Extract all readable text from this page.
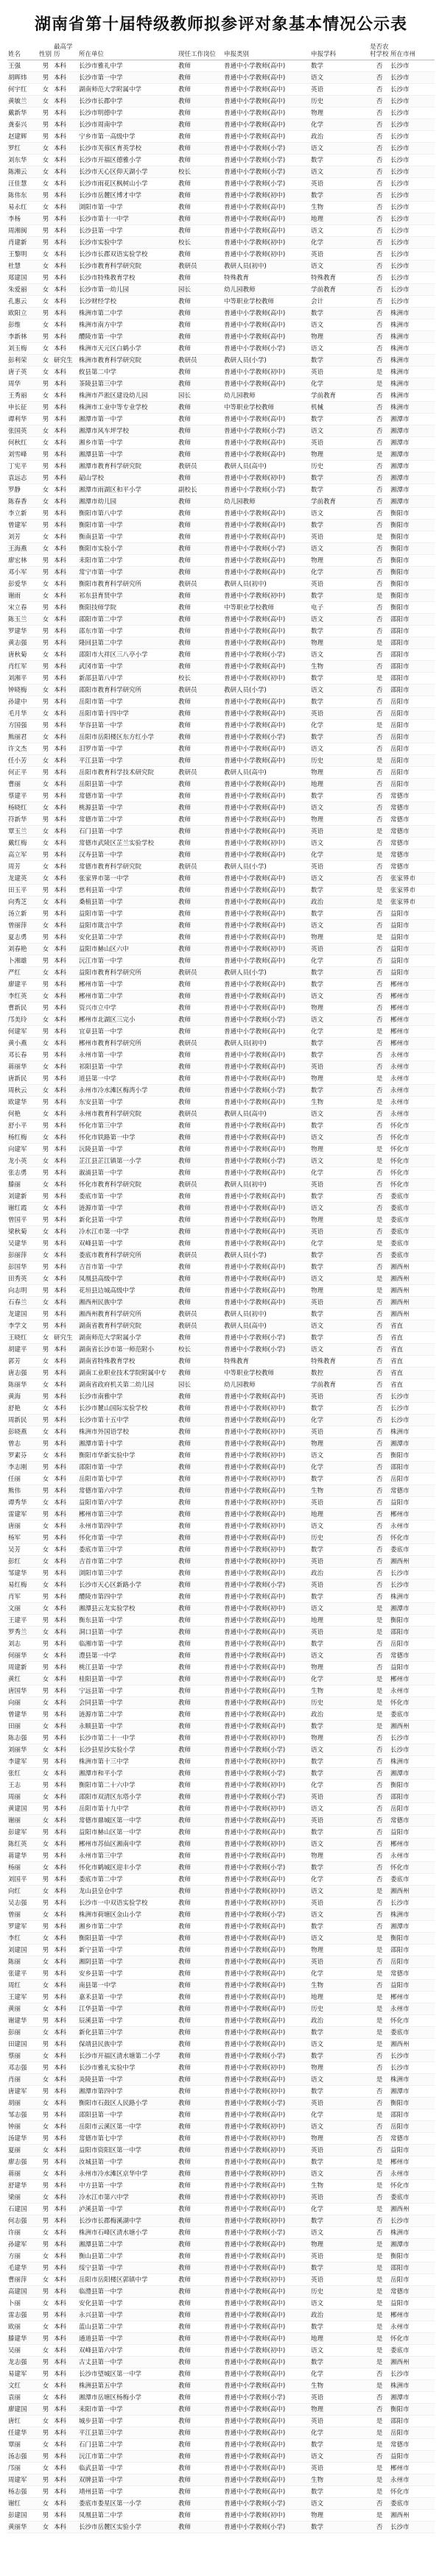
湖南省第十届特级教师拟参评对象基本情况公示表
姓名	性别	最高学历	所在单位	现任工作岗位	申报类别	申报学科	是否农村学校	所在市州
王强	男	本科	长沙市雅礼中学	教师	普通中小学教师(高中)	数学	否	长沙市
胡晖炜	男	本科	长沙市第一中学	教师	普通中小学教师(高中)	语文	否	长沙市
何宇红	女	本科	湖南师范大学附属中学	教师	普通中小学教师(高中)	英语	否	长沙市
黄敏兰	女	本科	长沙市长郡中学	教师	普通中小学教师(高中)	历史	否	长沙市
戴新华	男	本科	长沙市明德中学	教师	普通中小学教师(高中)	物理	否	长沙市
龚泰兴	男	本科	长沙市周南中学	教师	普通中小学教师(高中)	化学	否	长沙市
赵建辉	男	本科	宁乡市第一高级中学	教师	普通中小学教师(高中)	政治	否	长沙市
罗红	女	本科	长沙市芙蓉区育英学校	教师	普通中小学教师(小学)	语文	否	长沙市
刘东华	女	本科	长沙市开福区德雅小学	教师	普通中小学教师(小学)	数学	否	长沙市
陈湘云	女	本科	长沙市天心区仰天湖小学	校长	普通中小学教师(小学)	语文	否	长沙市
汪佳慧	女	本科	长沙市雨花区枫树山小学	教师	普通中小学教师(小学)	英语	否	长沙市
陈伟东	男	本科	长沙市岳麓区博才中学	教师	普通中小学教师(初中)	数学	否	长沙市
易永红	女	本科	浏阳市第一中学	教师	普通中小学教师(高中)	生物	否	长沙市
李杨	男	本科	长沙市第十一中学	教师	普通中小学教师(高中)	地理	否	长沙市
周湘闽	男	本科	长沙县第一中学	教师	普通中小学教师(高中)	语文	否	长沙市
肖建新	男	本科	长沙市实验中学	校长	普通中小学教师(初中)	化学	否	长沙市
王黎明	女	本科	长沙市长郡双语实验学校	教师	普通中小学教师(初中)	英语	否	长沙市
杜慧	女	本科	长沙市教育科学研究院	教研员	教研人员(初中)	语文	否	长沙市
郑建国	男	本科	长沙市特殊教育学校	教师	特殊教育	特殊教育	否	长沙市
朱爱丽	女	本科	长沙市第一幼儿园	园长	幼儿园教师	学前教育	否	长沙市
孔惠云	女	本科	长沙财经学校	教师	中等职业学校教师	会计	否	长沙市
欧阳立	男	本科	株洲市第二中学	教师	普通中小学教师(高中)	数学	否	株洲市
彭维	女	本科	株洲市南方中学	教师	普通中小学教师(高中)	语文	否	株洲市
李新林	男	本科	醴陵市第一中学	教师	普通中小学教师(高中)	物理	否	株洲市
刘玉梅	女	本科	株洲市天元区白鹤小学	教师	普通中小学教师(小学)	语文	否	株洲市
彭利荣	女	研究生	株洲市教育科学研究院	教研员	教研人员(小学)	数学	否	株洲市
唐子英	女	本科	攸县第二中学	教师	普通中小学教师(初中)	英语	是	株洲市
周华	男	本科	茶陵县第三中学	教师	普通中小学教师(高中)	化学	是	株洲市
王秀丽	女	本科	株洲市芦淞区建设幼儿园	园长	幼儿园教师	学前教育	否	株洲市
申长征	男	本科	株洲市工业中等专业学校	教师	中等职业学校教师	机械	否	株洲市
谭利华	男	本科	湘潭市第一中学	教师	普通中小学教师(高中)	数学	否	湘潭市
张国英	女	本科	湘潭市风车坪学校	教师	普通中小学教师(小学)	语文	否	湘潭市
何秋红	女	本科	湘乡市第一中学	教师	普通中小学教师(高中)	英语	否	湘潭市
刘雪峰	男	本科	湘潭县第一中学	教师	普通中小学教师(高中)	物理	是	湘潭市
丁宪平	男	本科	湘潭市教育科学研究院	教研员	教研人员(高中)	历史	否	湘潭市
袁远志	男	本科	韶山学校	教师	普通中小学教师(初中)	数学	否	湘潭市
罗静	女	本科	湘潭市雨湖区和平小学	副校长	普通中小学教师(小学)	数学	否	湘潭市
陈春香	女	本科	湘潭市幼儿园	教师	幼儿园教师	学前教育	否	湘潭市
李立新	男	本科	衡阳市第八中学	教师	普通中小学教师(高中)	语文	否	衡阳市
曾建军	男	本科	衡阳市第一中学	教师	普通中小学教师(高中)	数学	否	衡阳市
刘芳	女	本科	衡南县第一中学	教师	普通中小学教师(高中)	英语	是	衡阳市
王海燕	女	本科	衡阳市实验小学	教师	普通中小学教师(小学)	语文	否	衡阳市
廖宏林	男	本科	耒阳市第二中学	教师	普通中小学教师(高中)	物理	否	衡阳市
邓小军	男	本科	常宁市第一中学	教师	普通中小学教师(高中)	化学	否	衡阳市
彭爱华	女	本科	衡阳市教育科学研究所	教研员	教研人员(初中)	英语	否	衡阳市
谢雨	女	本科	祁东县育贤中学	教师	普通中小学教师(初中)	数学	是	衡阳市
宋立春	男	本科	衡阳技师学院	教师	中等职业学校教师	电子	否	衡阳市
陈玉兰	女	本科	邵阳市第二中学	教师	普通中小学教师(高中)	语文	否	邵阳市
罗建华	男	本科	邵东市第一中学	教师	普通中小学教师(高中)	数学	否	邵阳市
黄志强	男	本科	隆回县第二中学	教师	普通中小学教师(高中)	物理	是	邵阳市
唐秋菊	女	本科	邵阳市大祥区三八亭小学	教师	普通中小学教师(小学)	语文	否	邵阳市
肖红军	男	本科	武冈市第一中学	教师	普通中小学教师(高中)	生物	否	邵阳市
刘湘平	男	本科	新邵县第八中学	校长	普通中小学教师(初中)	数学	是	邵阳市
钟晓梅	女	本科	邵阳市教育科学研究所	教研员	教研人员(小学)	语文	否	邵阳市
孙建中	男	本科	岳阳市第一中学	教师	普通中小学教师(高中)	数学	否	岳阳市
毛月华	女	本科	岳阳市第十四中学	教师	普通中小学教师(高中)	英语	否	岳阳市
方国强	男	本科	华容县第一中学	教师	普通中小学教师(高中)	化学	是	岳阳市
熊丽君	女	本科	岳阳市岳阳楼区东方红小学	教师	普通中小学教师(小学)	数学	否	岳阳市
许文杰	男	本科	汨罗市第一中学	教师	普通中小学教师(高中)	语文	否	岳阳市
任小芳	女	本科	平江县第一中学	教师	普通中小学教师(高中)	历史	是	岳阳市
何正平	男	本科	岳阳市教育科学技术研究院	教研员	教研人员(高中)	物理	否	岳阳市
曹丽	女	本科	岳阳县第一中学	教师	普通中小学教师(高中)	地理	否	岳阳市
蔡建平	男	本科	常德市第一中学	教师	普通中小学教师(高中)	数学	否	常德市
杨晓红	女	本科	桃源县第一中学	教师	普通中小学教师(高中)	语文	否	常德市
符新华	男	本科	常德市第二中学	教师	普通中小学教师(高中)	物理	否	常德市
覃玉兰	女	本科	石门县第一中学	教师	普通中小学教师(高中)	英语	是	常德市
戴红梅	女	本科	常德市武陵区芷兰实验学校	教师	普通中小学教师(初中)	语文	否	常德市
高立军	男	本科	汉寿县第一中学	教师	普通中小学教师(高中)	化学	是	常德市
周芳	女	本科	常德市教育科学研究院	教研员	教研人员(小学)	英语	否	常德市
龙建英	女	本科	张家界市第一中学	教师	普通中小学教师(高中)	语文	否	张家界市
田玉平	男	本科	慈利县第一中学	教师	普通中小学教师(高中)	数学	是	张家界市
向秀芝	女	本科	桑植县第一中学	教师	普通中小学教师(高中)	政治	是	张家界市
汤立新	男	本科	益阳市第一中学	教师	普通中小学教师(高中)	数学	否	益阳市
曾丽萍	女	本科	益阳市箴言中学	教师	普通中小学教师(高中)	语文	否	益阳市
夏志勇	男	本科	安化县第二中学	教师	普通中小学教师(高中)	物理	是	益阳市
刘春艳	女	本科	益阳市赫山区六中	教师	普通中小学教师(初中)	英语	否	益阳市
卜湘雄	男	本科	沅江市第一中学	教师	普通中小学教师(高中)	化学	否	益阳市
严红	女	本科	益阳市教育科学研究所	教研员	教研人员(小学)	数学	否	益阳市
廖建平	男	本科	郴州市第一中学	教师	普通中小学教师(高中)	数学	否	郴州市
李红英	女	本科	郴州市第二中学	教师	普通中小学教师(高中)	语文	否	郴州市
曹新民	男	本科	资兴市立中学	教师	普通中小学教师(高中)	物理	否	郴州市
邝美玲	女	本科	郴州市北湖区三完小	教师	普通中小学教师(小学)	语文	否	郴州市
何建军	男	本科	宜章县第一中学	教师	普通中小学教师(高中)	化学	是	郴州市
黄小燕	女	本科	郴州市教育科学研究所	教研员	教研人员(初中)	数学	否	郴州市
邓长春	男	本科	永州市第一中学	教师	普通中小学教师(高中)	数学	否	永州市
蒋丽华	女	本科	祁阳县第一中学	教师	普通中小学教师(高中)	英语	否	永州市
唐新民	男	本科	道县第一中学	教师	普通中小学教师(高中)	物理	是	永州市
周秋云	女	本科	永州市冷水滩区梅湾小学	教师	普通中小学教师(小学)	数学	否	永州市
欧建华	男	本科	东安县第一中学	教师	普通中小学教师(高中)	生物	是	永州市
何艳	女	本科	永州市教育科学研究院	教研员	教研人员(高中)	语文	否	永州市
舒小平	男	本科	怀化市第三中学	教师	普通中小学教师(高中)	数学	否	怀化市
杨红梅	女	本科	怀化市铁路第一中学	教师	普通中小学教师(高中)	语文	否	怀化市
向建军	男	本科	沅陵县第一中学	教师	普通中小学教师(高中)	物理	是	怀化市
龙小英	女	本科	芷江县芷江镇第一小学	教师	普通中小学教师(小学)	语文	是	怀化市
张志勇	男	本科	溆浦县第一中学	教师	普通中小学教师(高中)	化学	否	怀化市
滕丽	女	本科	怀化市教育科学研究院	教研员	教研人员(初中)	英语	否	怀化市
刘建新	男	本科	娄底市第一中学	教师	普通中小学教师(高中)	数学	否	娄底市
谢红霞	女	本科	涟源市第一中学	教师	普通中小学教师(高中)	语文	否	娄底市
曾国平	男	本科	新化县第一中学	教师	普通中小学教师(高中)	物理	是	娄底市
梁秋菊	女	本科	冷水江市第一中学	教师	普通中小学教师(高中)	英语	否	娄底市
吴建华	男	本科	双峰县第一中学	教师	普通中小学教师(高中)	化学	是	娄底市
彭丽萍	女	本科	娄底市教育科学研究所	教研员	教研人员(小学)	数学	否	娄底市
彭国华	男	本科	吉首市第一中学	教师	普通中小学教师(高中)	数学	否	湘西州
田秀英	女	本科	凤凰县高级中学	教师	普通中小学教师(高中)	语文	是	湘西州
向志明	男	本科	花垣县边城高级中学	教师	普通中小学教师(高中)	物理	是	湘西州
石春兰	女	本科	湘西州民族中学	教师	普通中小学教师(高中)	英语	否	湘西州
龙建国	男	本科	湘西州教育科学研究所	教研员	教研人员(初中)	数学	否	湘西州
李学文	男	本科	湖南省教育科学研究院	教研员	教研人员(高中)	语文	否	省直
王晓红	女	研究生	湖南师范大学附属小学	教师	普通中小学教师(小学)	数学	否	省直
胡建平	男	本科	湖南省长沙市第一师范附小	校长	普通中小学教师(小学)	语文	否	省直
郭芳	女	本科	湖南省特殊教育学校	教师	特殊教育	特殊教育	否	省直
唐志强	男	本科	湖南工业职业技术学院附属中专	教师	中等职业学校教师	数控	否	省直
陈丽华	女	本科	湖南省政府机关第二幼儿园	园长	幼儿园教师	学前教育	否	省直
黄海	男	本科	长沙市南雅中学	教师	普通中小学教师(高中)	英语	否	长沙市
舒艳	女	本科	长沙市麓山国际实验学校	教师	普通中小学教师(初中)	数学	否	长沙市
周新民	男	本科	长沙市第十五中学	教师	普通中小学教师(高中)	化学	否	长沙市
彭晓燕	女	本科	株洲市外国语学校	教师	普通中小学教师(初中)	英语	否	株洲市
曾志	男	本科	湘潭市第十中学	教师	普通中小学教师(高中)	物理	否	湘潭市
罗素芬	女	本科	衡阳市华新实验中学	教师	普通中小学教师(初中)	语文	否	衡阳市
李志刚	男	本科	邵阳市第一中学	教师	普通中小学教师(高中)	化学	否	邵阳市
任丽	女	本科	岳阳市第七中学	教师	普通中小学教师(初中)	数学	否	岳阳市
熊伟	男	本科	常德市第六中学	教师	普通中小学教师(高中)	生物	否	常德市
谭秀华	女	本科	益阳市第六中学	教师	普通中小学教师(初中)	英语	否	益阳市
雷建军	男	本科	郴州市第三中学	教师	普通中小学教师(高中)	地理	否	郴州市
唐丽	女	本科	永州市第四中学	教师	普通中小学教师(初中)	语文	否	永州市
杨军	男	本科	怀化市第一中学	教师	普通中小学教师(高中)	历史	否	怀化市
吴芳	女	本科	娄底市第三中学	教师	普通中小学教师(初中)	数学	否	娄底市
彭红	女	本科	吉首市第二中学	教师	普通中小学教师(初中)	英语	否	湘西州
邹建华	男	本科	浏阳市第三中学	教师	普通中小学教师(高中)	政治	否	长沙市
易红梅	女	本科	长沙市天心区新路小学	教师	普通中小学教师(小学)	英语	否	长沙市
肖军	男	本科	醴陵市第四中学	教师	普通中小学教师(高中)	数学	否	株洲市
文丽	女	本科	湘潭县云龙实验学校	教师	普通中小学教师(初中)	语文	是	湘潭市
王建平	男	本科	衡东县第一中学	教师	普通中小学教师(高中)	地理	是	衡阳市
罗秀兰	女	本科	洞口县第一中学	教师	普通中小学教师(高中)	英语	是	邵阳市
刘志	男	本科	临湘市第一中学	教师	普通中小学教师(高中)	数学	否	岳阳市
何丽华	女	本科	澧县第一中学	教师	普通中小学教师(高中)	语文	否	常德市
周建新	男	本科	桃江县第一中学	教师	普通中小学教师(高中)	物理	否	益阳市
黄红	女	本科	桂阳县第一中学	教师	普通中小学教师(高中)	化学	是	郴州市
唐国华	男	本科	宁远县第一中学	教师	普通中小学教师(高中)	生物	是	永州市
向丽	女	本科	会同县第一中学	教师	普通中小学教师(高中)	历史	是	怀化市
曾建华	男	本科	涟源市第二中学	教师	普通中小学教师(高中)	政治	是	娄底市
田丽	女	本科	永顺县第一中学	教师	普通中小学教师(高中)	数学	是	湘西州
陈志强	男	本科	长沙市第二十一中学	教师	普通中小学教师(初中)	物理	否	长沙市
刘丽华	女	本科	长沙县星沙实验小学	教师	普通中小学教师(小学)	语文	否	长沙市
李建军	男	本科	株洲市第十三中学	教师	普通中小学教师(初中)	数学	否	株洲市
张红	女	本科	湘潭市和平小学	教师	普通中小学教师(小学)	数学	否	湘潭市
王志	男	本科	衡阳市第二十六中学	教师	普通中小学教师(初中)	化学	否	衡阳市
周丽	女	本科	邵阳市双清区东塔小学	教师	普通中小学教师(小学)	英语	否	邵阳市
黄建国	男	本科	岳阳市第十九中学	教师	普通中小学教师(初中)	语文	否	岳阳市
谢丽	女	本科	常德市鼎城区第一中学	教师	普通中小学教师(高中)	英语	否	常德市
彭建军	男	本科	益阳市赫山区第一中学	教师	普通中小学教师(高中)	数学	否	益阳市
陈红英	女	本科	郴州市苏仙区湘南中学	教师	普通中小学教师(初中)	语文	否	郴州市
蒋建华	男	本科	永州市第三中学	教师	普通中小学教师(高中)	物理	否	永州市
杨丽	女	本科	怀化市鹤城区迎丰小学	教师	普通中小学教师(小学)	数学	否	怀化市
刘国平	男	本科	娄底市第二中学	教师	普通中小学教师(高中)	化学	否	娄底市
向红	女	本科	龙山县皇仓中学	教师	普通中小学教师(初中)	语文	是	湘西州
吴志强	男	本科	长沙市一中双语实验学校	教师	普通中小学教师(初中)	英语	否	长沙市
曾丽	女	本科	株洲市荷塘区金山小学	教师	普通中小学教师(小学)	语文	否	株洲市
罗建军	男	本科	湘乡市第二中学	教师	普通中小学教师(高中)	数学	否	湘潭市
李红	女	本科	衡阳县第一中学	教师	普通中小学教师(高中)	语文	是	衡阳市
刘建国	男	本科	新宁县第一中学	教师	普通中小学教师(高中)	物理	是	邵阳市
陈丽	女	本科	湘阴县第一中学	教师	普通中小学教师(高中)	英语	否	岳阳市
张建平	男	本科	安乡县第一中学	教师	普通中小学教师(高中)	化学	是	常德市
周红	女	本科	南县第一中学	教师	普通中小学教师(高中)	生物	否	益阳市
王建军	男	本科	嘉禾县第一中学	教师	普通中小学教师(高中)	地理	是	郴州市
黄丽	女	本科	江华县第一中学	教师	普通中小学教师(高中)	历史	是	永州市
谢建华	男	本科	辰溪县第一中学	教师	普通中小学教师(高中)	政治	是	怀化市
彭丽	女	本科	新化县第三中学	教师	普通中小学教师(高中)	数学	是	娄底市
田建国	男	本科	保靖县民族中学	教师	普通中小学教师(高中)	语文	是	湘西州
蔡丽	女	本科	长沙市开福区清水塘第二小学	教师	普通中小学教师(小学)	数学	否	长沙市
邓志强	男	本科	长沙市雅礼实验中学	教师	普通中小学教师(初中)	物理	否	长沙市
肖丽	女	本科	炎陵县第一中学	教师	普通中小学教师(高中)	语文	是	株洲市
唐建军	男	本科	湘潭市第四中学	教师	普通中小学教师(初中)	数学	否	湘潭市
胡丽	女	本科	衡阳市石鼓区人民路小学	教师	普通中小学教师(小学)	英语	否	衡阳市
邹志强	男	本科	邵阳县第一中学	教师	普通中小学教师(高中)	化学	是	邵阳市
钟丽	女	本科	岳阳市云溪区第一中学	教师	普通中小学教师(初中)	语文	否	岳阳市
汤建华	男	本科	常德市第七中学	教师	普通中小学教师(初中)	物理	否	常德市
夏丽	女	本科	益阳市资阳区第一中学	教师	普通中小学教师(初中)	英语	否	益阳市
廖志强	男	本科	汝城县第一中学	教师	普通中小学教师(高中)	数学	是	郴州市
蒋丽	女	本科	永州市冷水滩区京华中学	教师	普通中小学教师(初中)	语文	否	永州市
舒建华	男	本科	中方县第一中学	教师	普通中小学教师(高中)	生物	是	怀化市
梁丽	女	本科	冷水江市第六中学	教师	普通中小学教师(初中)	英语	否	娄底市
石建国	男	本科	泸溪县第一中学	教师	普通中小学教师(高中)	化学	是	湘西州
何志强	男	本科	长沙市长郡梅溪湖中学	教师	普通中小学教师(初中)	数学	否	长沙市
许丽	女	本科	株洲市石峰区清水塘小学	教师	普通中小学教师(小学)	语文	否	株洲市
孙建军	男	本科	湘潭县第二中学	教师	普通中小学教师(高中)	物理	是	湘潭市
方丽	女	本科	衡山县第二中学	教师	普通中小学教师(高中)	英语	是	衡阳市
毛建华	男	本科	绥宁县第一中学	教师	普通中小学教师(高中)	数学	是	邵阳市
曹丽萍	女	本科	岳阳市岳阳楼区郭镇中学	教师	普通中小学教师(初中)	英语	是	岳阳市
高建国	男	本科	临澧县第一中学	教师	普通中小学教师(高中)	历史	是	常德市
卜丽	女	本科	安化县第一中学	教师	普通中小学教师(高中)	语文	是	益阳市
雷志强	男	本科	永兴县第一中学	教师	普通中小学教师(高中)	政治	是	郴州市
欧丽	女	本科	蓝山县第二中学	教师	普通中小学教师(高中)	数学	是	永州市
滕建华	男	本科	通道县第一中学	教师	普通中小学教师(高中)	地理	是	怀化市
吴丽	女	本科	双峰县第六中学	教师	普通中小学教师(初中)	语文	是	娄底市
龙志强	男	本科	古丈县第一中学	教师	普通中小学教师(高中)	数学	是	湘西州
易建军	男	本科	长沙市望城区第一中学	教师	普通中小学教师(高中)	化学	否	长沙市
文红	女	本科	株洲县第五中学	教师	普通中小学教师(高中)	生物	是	株洲市
袁丽	女	本科	湘潭市岳塘区杨梅小学	教师	普通中小学教师(小学)	英语	否	湘潭市
廖建国	男	本科	耒阳市第一中学	教师	普通中小学教师(高中)	物理	否	衡阳市
唐红	女	本科	城步县第一中学	教师	普通中小学教师(高中)	英语	是	邵阳市
任建华	男	本科	平江县第三中学	教师	普通中小学教师(高中)	化学	是	岳阳市
覃丽	女	本科	石门县第二中学	教师	普通中小学教师(高中)	数学	是	常德市
汤志强	男	本科	沅江市第二中学	教师	普通中小学教师(高中)	语文	否	益阳市
邝丽	女	本科	临武县第一中学	教师	普通中小学教师(高中)	英语	是	郴州市
周建军	男	本科	双牌县第一中学	教师	普通中小学教师(高中)	生物	是	永州市
杨志强	男	本科	靖州县第一中学	教师	普通中小学教师(高中)	数学	是	怀化市
谢红	女	本科	娄底市娄星区第一小学	教师	普通中小学教师(小学)	语文	否	娄底市
彭建国	男	本科	凤凰县第二中学	教师	普通中小学教师(初中)	物理	是	湘西州
黄丽华	女	本科	长沙市岳麓区实验小学	教师	普通中小学教师(小学)	数学	否	长沙市
